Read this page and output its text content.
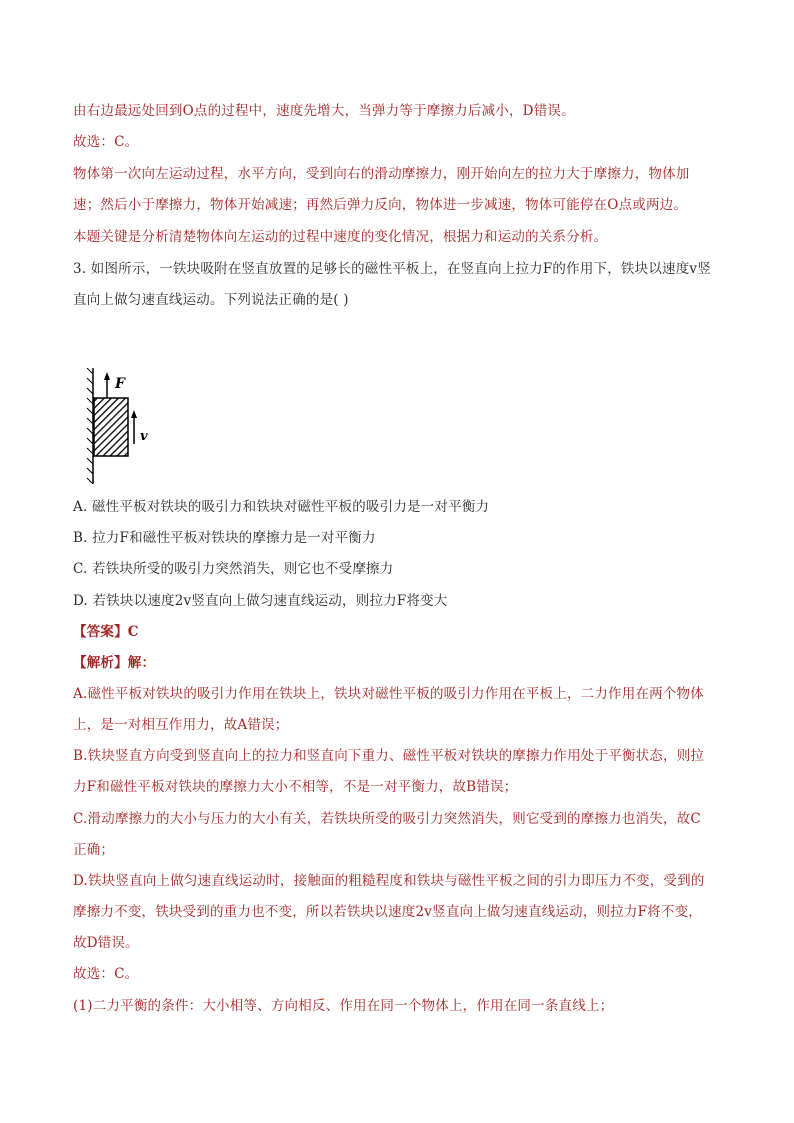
由右边最远处回到O点的过程中，速度先增大，当弹力等于摩擦力后减小，D错误。
故选：C。
物体第一次向左运动过程，水平方向，受到向右的滑动摩擦力，刚开始向左的拉力大于摩擦力，物体加
速；然后小于摩擦力，物体开始减速；再然后弹力反向，物体进一步减速，物体可能停在O点或两边。
本题关键是分析清楚物体向左运动的过程中速度的变化情况，根据力和运动的关系分析。
3. 如图所示，一铁块吸附在竖直放置的足够长的磁性平板上，在竖直向上拉力F的作用下，铁块以速度v竖
直向上做匀速直线运动。下列说法正确的是( )
F
v
A. 磁性平板对铁块的吸引力和铁块对磁性平板的吸引力是一对平衡力
B. 拉力F和磁性平板对铁块的摩擦力是一对平衡力
C. 若铁块所受的吸引力突然消失，则它也不受摩擦力
D. 若铁块以速度2v竖直向上做匀速直线运动，则拉力F将变大
【答案】C
【解析】解：
A.磁性平板对铁块的吸引力作用在铁块上，铁块对磁性平板的吸引力作用在平板上，二力作用在两个物体
上，是一对相互作用力，故A错误；
B.铁块竖直方向受到竖直向上的拉力和竖直向下重力、磁性平板对铁块的摩擦力作用处于平衡状态，则拉
力F和磁性平板对铁块的摩擦力大小不相等，不是一对平衡力，故B错误；
C.滑动摩擦力的大小与压力的大小有关，若铁块所受的吸引力突然消失，则它受到的摩擦力也消失，故C
正确；
D.铁块竖直向上做匀速直线运动时，接触面的粗糙程度和铁块与磁性平板之间的引力即压力不变，受到的
摩擦力不变，铁块受到的重力也不变，所以若铁块以速度2v竖直向上做匀速直线运动，则拉力F将不变，
故D错误。
故选：C。
(1)二力平衡的条件：大小相等、方向相反、作用在同一个物体上，作用在同一条直线上；
